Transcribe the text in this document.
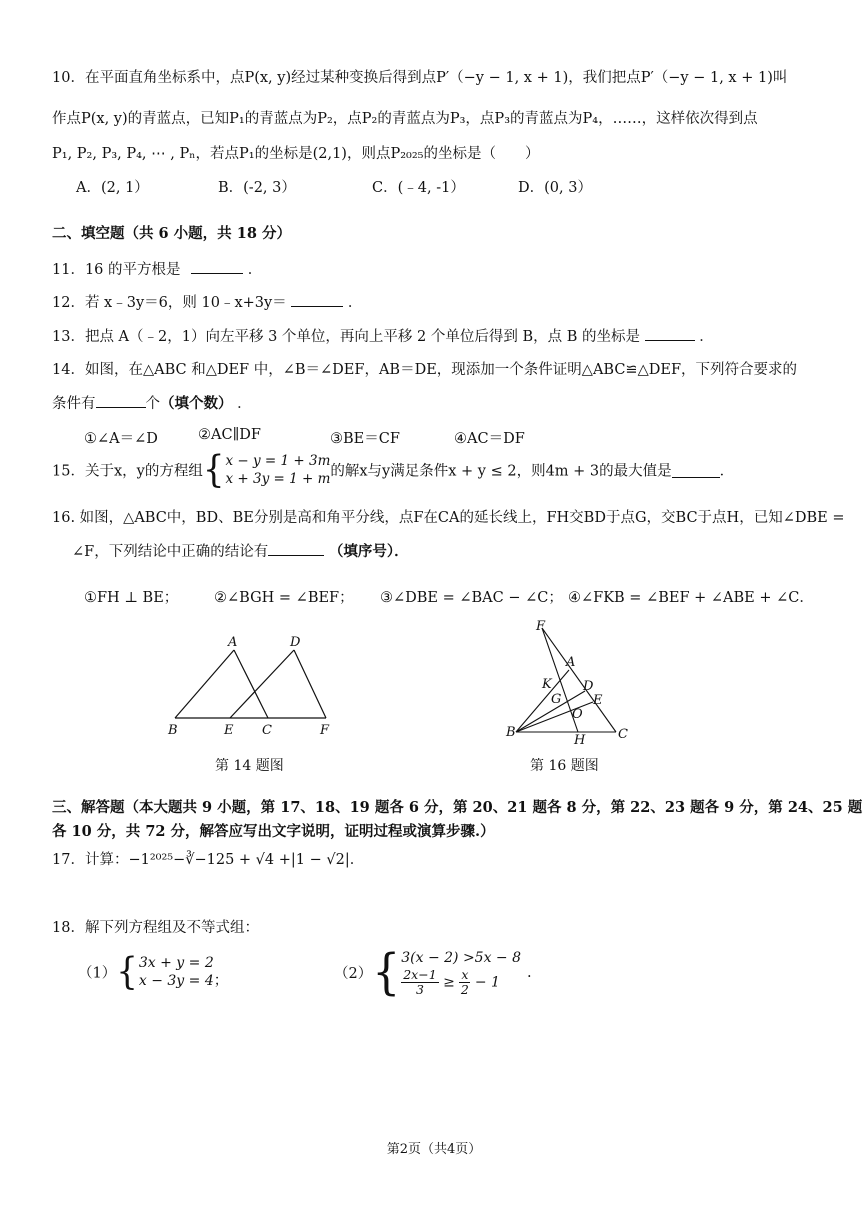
10．在平面直角坐标系中，点P(x, y)经过某种变换后得到点P′（−y − 1, x + 1)，我们把点P′（−y − 1, x + 1)叫
作点P(x, y)的青蓝点，已知P₁的青蓝点为P₂，点P₂的青蓝点为P₃，点P₃的青蓝点为P₄，……，这样依次得到点
P₁, P₂, P₃, P₄, ⋯ , Pₙ，若点P₁的坐标是(2,1)，则点P₂₀₂₅的坐标是（　　）
A．(2, 1）	B．(-2, 3）	C．(﹣4, -1）	D．(0, 3）
二、填空题（共 6 小题，共 18 分）
11．16 的平方根是	．
12．若 x﹣3y＝6，则 10﹣x+3y＝	．
13．把点 A（﹣2，1）向左平移 3 个单位，再向上平移 2 个单位后得到 B，点 B 的坐标是	．
14．如图，在△ABC 和△DEF 中，∠B＝∠DEF，AB＝DE，现添加一个条件证明△ABC≌△DEF，下列符合要求的
条件有	个（填个数） ．
①∠A＝∠D	②AC∥DF	③BE＝CF	④AC＝DF
15．关于x，y的方程组{ x − y = 1 + 3m
x + 3y = 1 + m 的解x与y满足条件x + y ≤ 2，则4m + 3的最大值是	．
16. 如图，△ABC中，BD、BE分别是高和角平分线，点F在CA的延长线上，FH交BD于点G，交BC于点H，已知∠DBE =
∠F，下列结论中正确的结论有	（填序号）．
①FH ⊥ BE； ②∠BGH = ∠BEF； ③∠DBE = ∠BAC − ∠C； ④∠FKB = ∠BEF + ∠ABE + ∠C．
A	D
B	E C	F
第 14 题图
F
A
K D
G E
O
B
H	C
第 16 题图
三、解答题（本大题共 9 小题，第 17、18、19 题各 6 分，第 20、21 题各 8 分，第 22、23 题各 9 分，第 24、25 题
各 10 分，共 72 分，解答应写出文字说明，证明过程或演算步骤.）
17．计算：−1²⁰²⁵−∛−125 + √4 +|1 − √2|．
18．解下列方程组及不等式组：
（1）{ 3x + y = 2
x − 3y = 4 ；	（2）{ 3(x − 2) >5x − 8
$\frac{2x-1}{3} \ge \frac{x}{2} - 1$
.
第2页（共4页）
